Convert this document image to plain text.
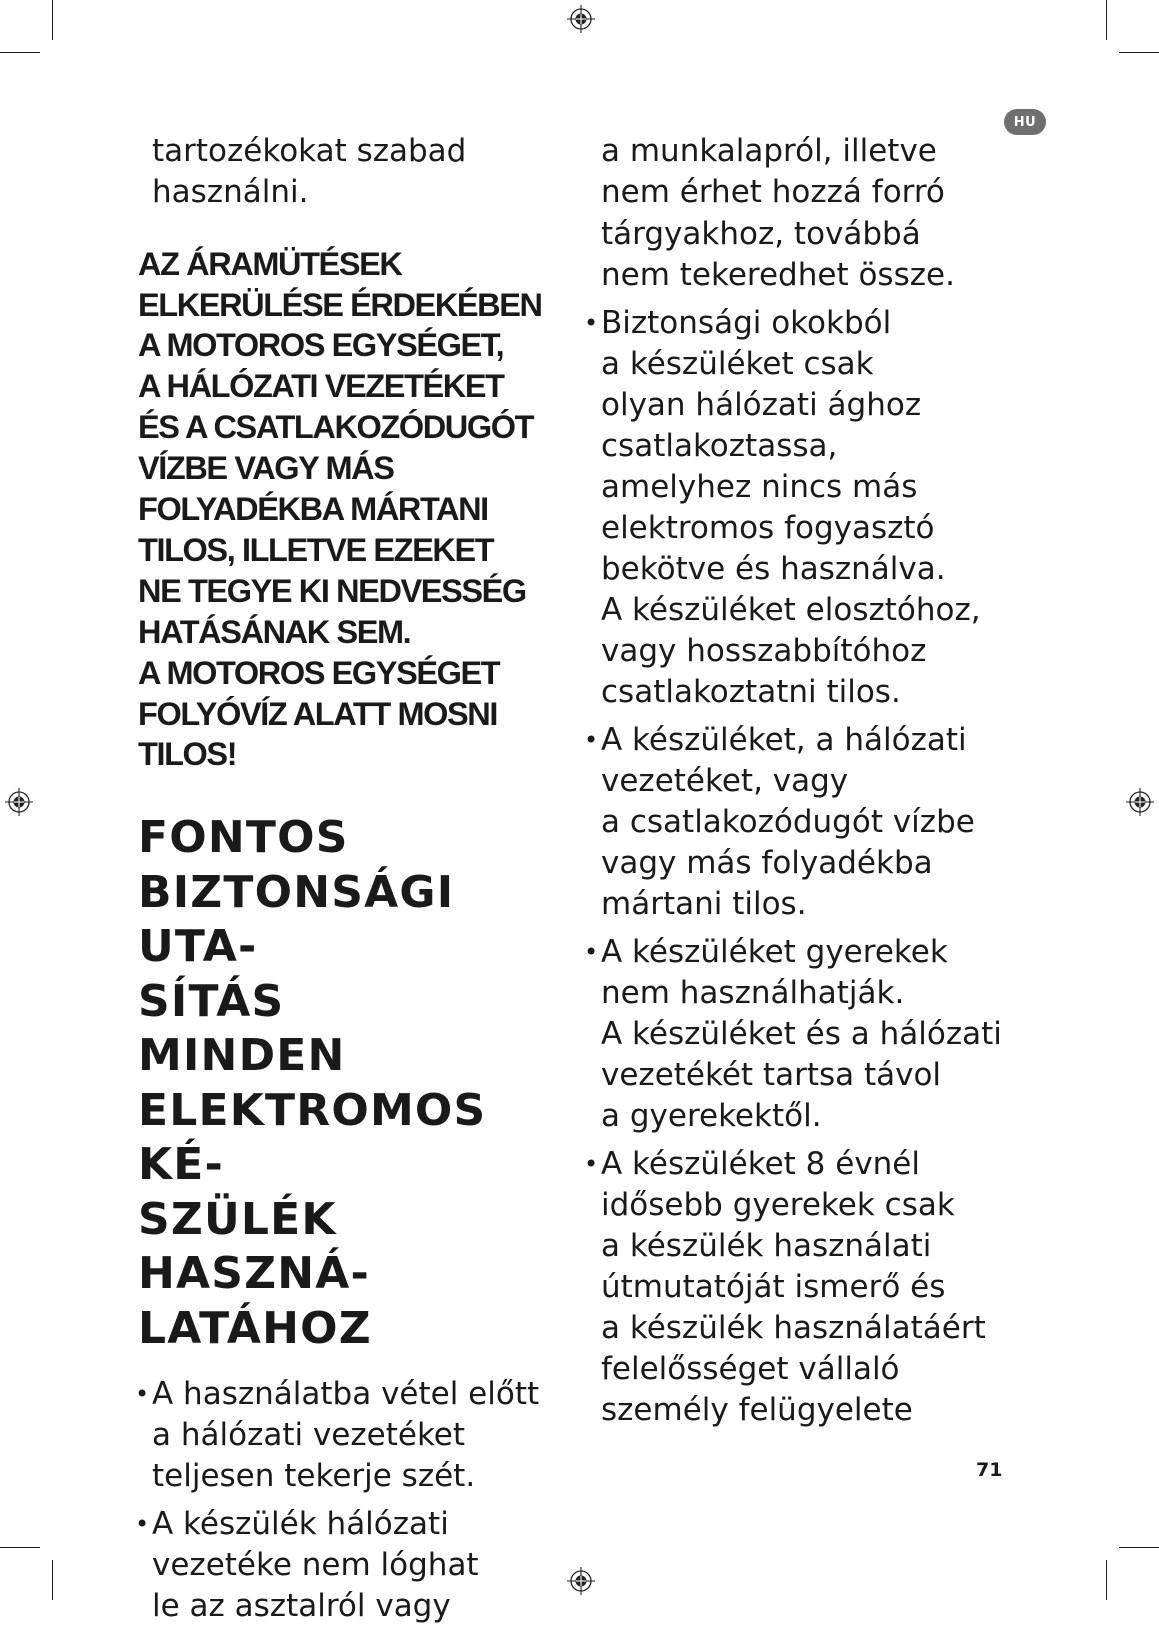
HU

tartozékokat szabad
használni.

AZ ÁRAMÜTÉSEK
ELKERÜLÉSE ÉRDEKÉBEN
A MOTOROS EGYSÉGET,
A HÁLÓZATI VEZETÉKET
ÉS A CSATLAKOZÓDUGÓT
VÍZBE VAGY MÁS
FOLYADÉKBA MÁRTANI
TILOS, ILLETVE EZEKET
NE TEGYE KI NEDVESSÉG
HATÁSÁNAK SEM.
A MOTOROS EGYSÉGET
FOLYÓVÍZ ALATT MOSNI
TILOS!

FONTOS
BIZTONSÁGI UTA-
SÍTÁS
MINDEN
ELEKTROMOS KÉ-
SZÜLÉK HASZNÁ-
LATÁHOZ
• A használatba vétel előtt
a hálózati vezetéket
teljesen tekerje szét.
• A készülék hálózati
vezetéke nem lóghat
le az asztalról vagy

a munkalapról, illetve
nem érhet hozzá forró
tárgyakhoz, továbbá
nem tekeredhet össze.

• Biztonsági okokból
a készüléket csak
olyan hálózati ághoz
csatlakoztassa,
amelyhez nincs más
elektromos fogyasztó
bekötve és használva.
A készüléket elosztóhoz,
vagy hosszabbítóhoz
csatlakoztatni tilos.
• A készüléket, a hálózati
vezetéket, vagy
a csatlakozódugót vízbe
vagy más folyadékba
mártani tilos.
• A készüléket gyerekek
nem használhatják.
A készüléket és a hálózati
vezetékét tartsa távol
a gyerekektől.
• A készüléket 8 évnél
idősebb gyerekek csak
a készülék használati
útmutatóját ismerő és
a készülék használatáért
felelősséget vállaló
személy felügyelete
71
